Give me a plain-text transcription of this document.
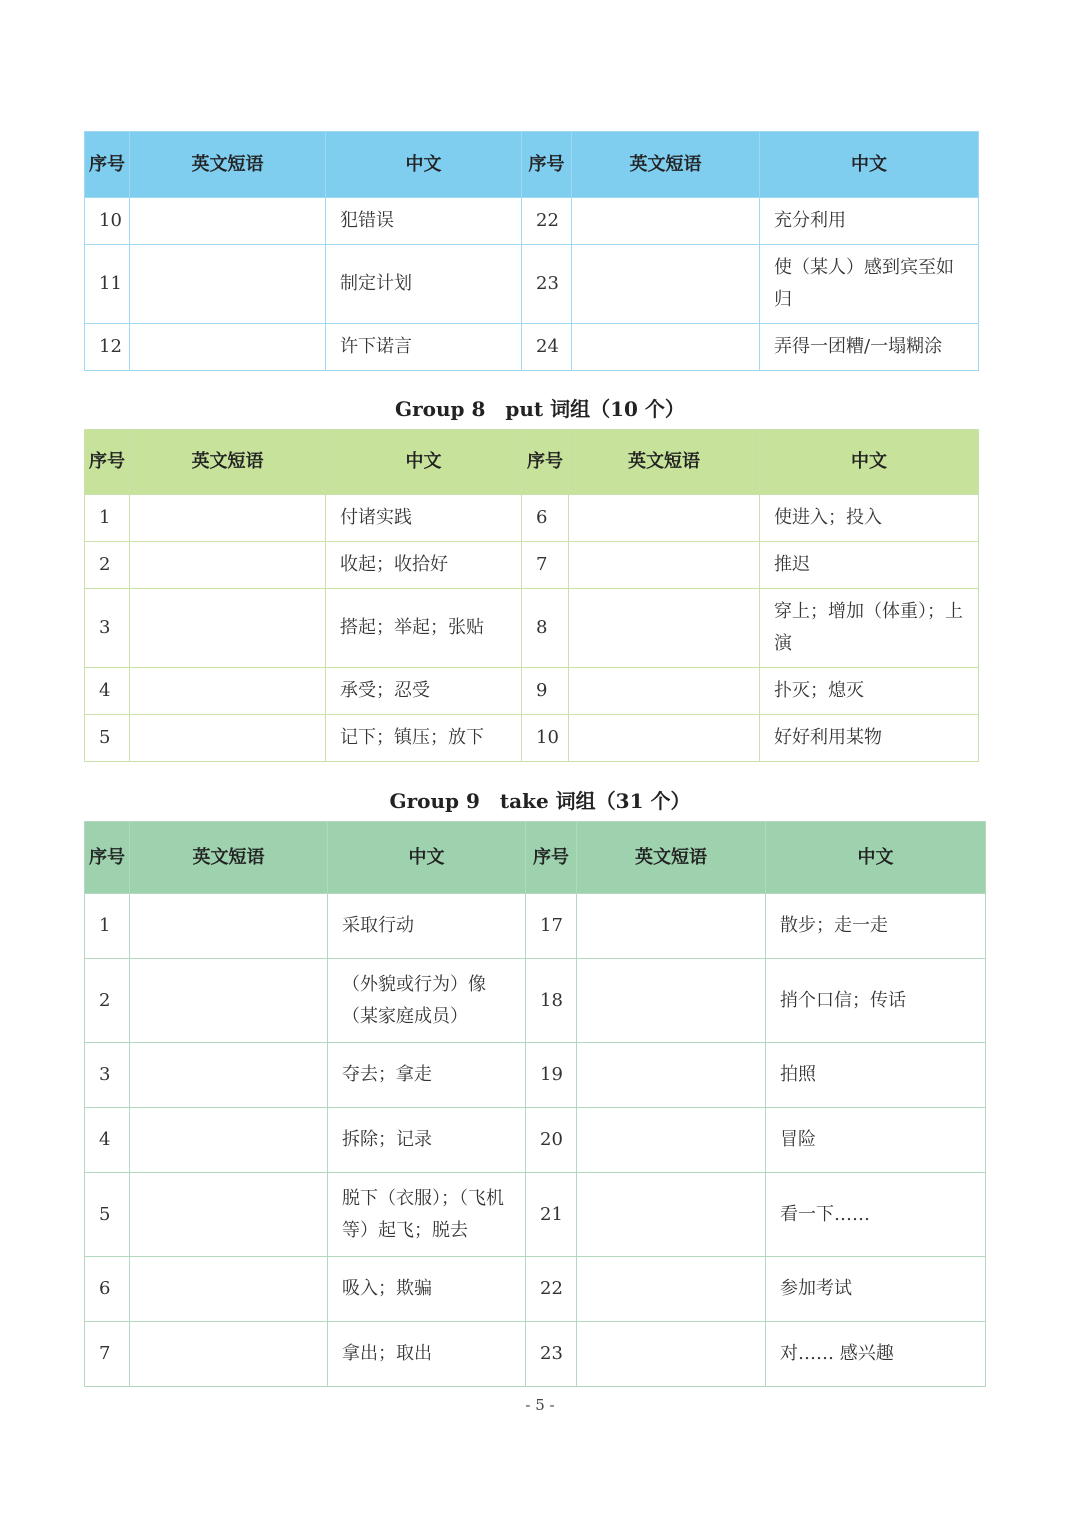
序号	英文短语	中文	序号	英文短语	中文
10		犯错误	22		充分利用
11		制定计划	23		使（某人）感到宾至如归
12		许下诺言	24		弄得一团糟/一塌糊涂
Group 8　put 词组（10 个）
序号	英文短语	中文	序号	英文短语	中文
1		付诸实践	6		使进入；投入
2		收起；收拾好	7		推迟
3		搭起；举起；张贴	8		穿上；增加（体重）；上演
4		承受；忍受	9		扑灭；熄灭
5		记下；镇压；放下	10		好好利用某物
Group 9　take 词组（31 个）
序号	英文短语	中文	序号	英文短语	中文
1		采取行动	17		散步；走一走
2		（外貌或行为）像（某家庭成员）	18		捎个口信；传话
3		夺去；拿走	19		拍照
4		拆除；记录	20		冒险
5		脱下（衣服）；（飞机等）起飞；脱去	21		看一下……
6		吸入；欺骗	22		参加考试
7		拿出；取出	23		对…… 感兴趣
- 5 -
